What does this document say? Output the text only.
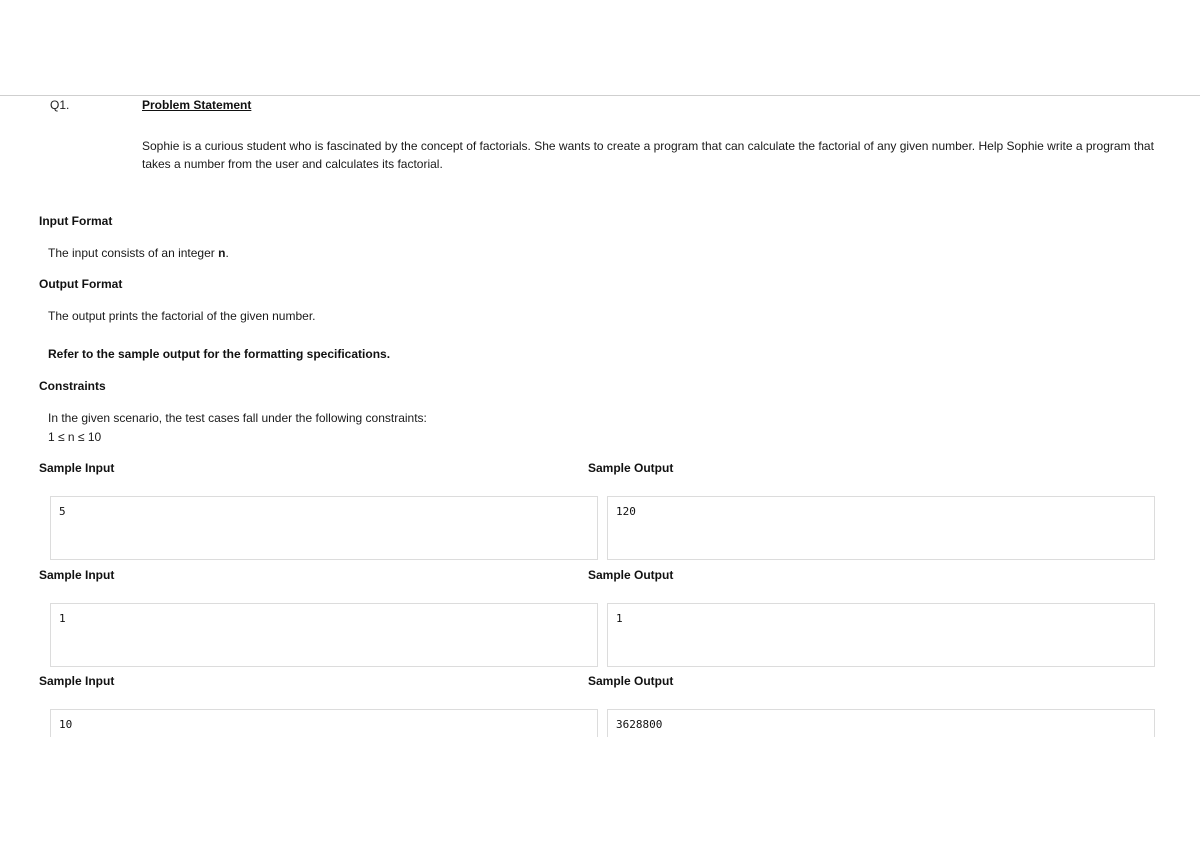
Q1.	Problem Statement
Sophie is a curious student who is fascinated by the concept of factorials. She wants to create a program that can calculate the factorial of any given number. Help Sophie write a program that takes a number from the user and calculates its factorial.
Input Format
The input consists of an integer n.
Output Format
The output prints the factorial of the given number.
Refer to the sample output for the formatting specifications.
Constraints
In the given scenario, the test cases fall under the following constraints:
1 ≤ n ≤ 10
Sample Input	Sample Output
5	120
Sample Input	Sample Output
1	1
Sample Input	Sample Output
10	3628800
